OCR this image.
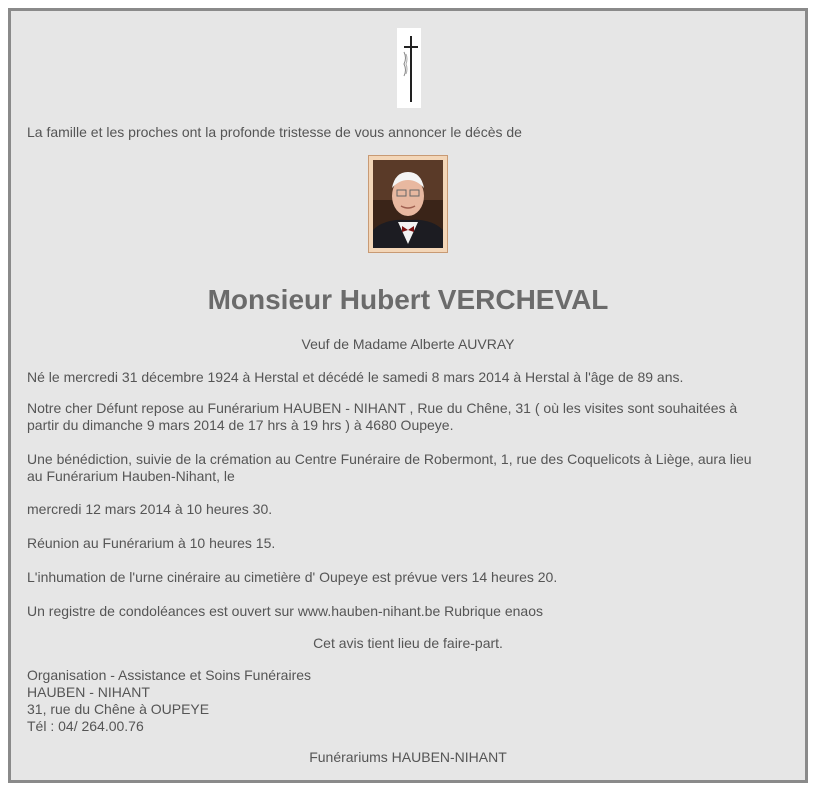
La famille et les proches ont la profonde tristesse de vous annoncer le décès de

Monsieur Hubert VERCHEVAL

Veuf de Madame Alberte AUVRAY

Né le mercredi 31 décembre 1924 à Herstal et décédé le samedi 8 mars 2014 à Herstal à l'âge de 89 ans.

Notre cher Défunt repose au Funérarium HAUBEN - NIHANT , Rue du Chêne, 31 ( où les visites sont souhaitées à

partir du dimanche 9 mars 2014 de 17 hrs à 19 hrs ) à 4680 Oupeye.

Une bénédiction, suivie de la crémation au Centre Funéraire de Robermont, 1, rue des Coquelicots à Liège, aura lieu

au Funérarium Hauben-Nihant, le

mercredi 12 mars 2014 à 10 heures 30.

Réunion au Funérarium à 10 heures 15.

L'inhumation de l'urne cinéraire au cimetière d' Oupeye est prévue vers 14 heures 20.

Un registre de condoléances est ouvert sur www.hauben-nihant.be Rubrique enaos

Cet avis tient lieu de faire-part.

Organisation - Assistance et Soins Funéraires

HAUBEN - NIHANT

31, rue du Chêne à OUPEYE

Tél : 04/ 264.00.76

Funérariums HAUBEN-NIHANT
